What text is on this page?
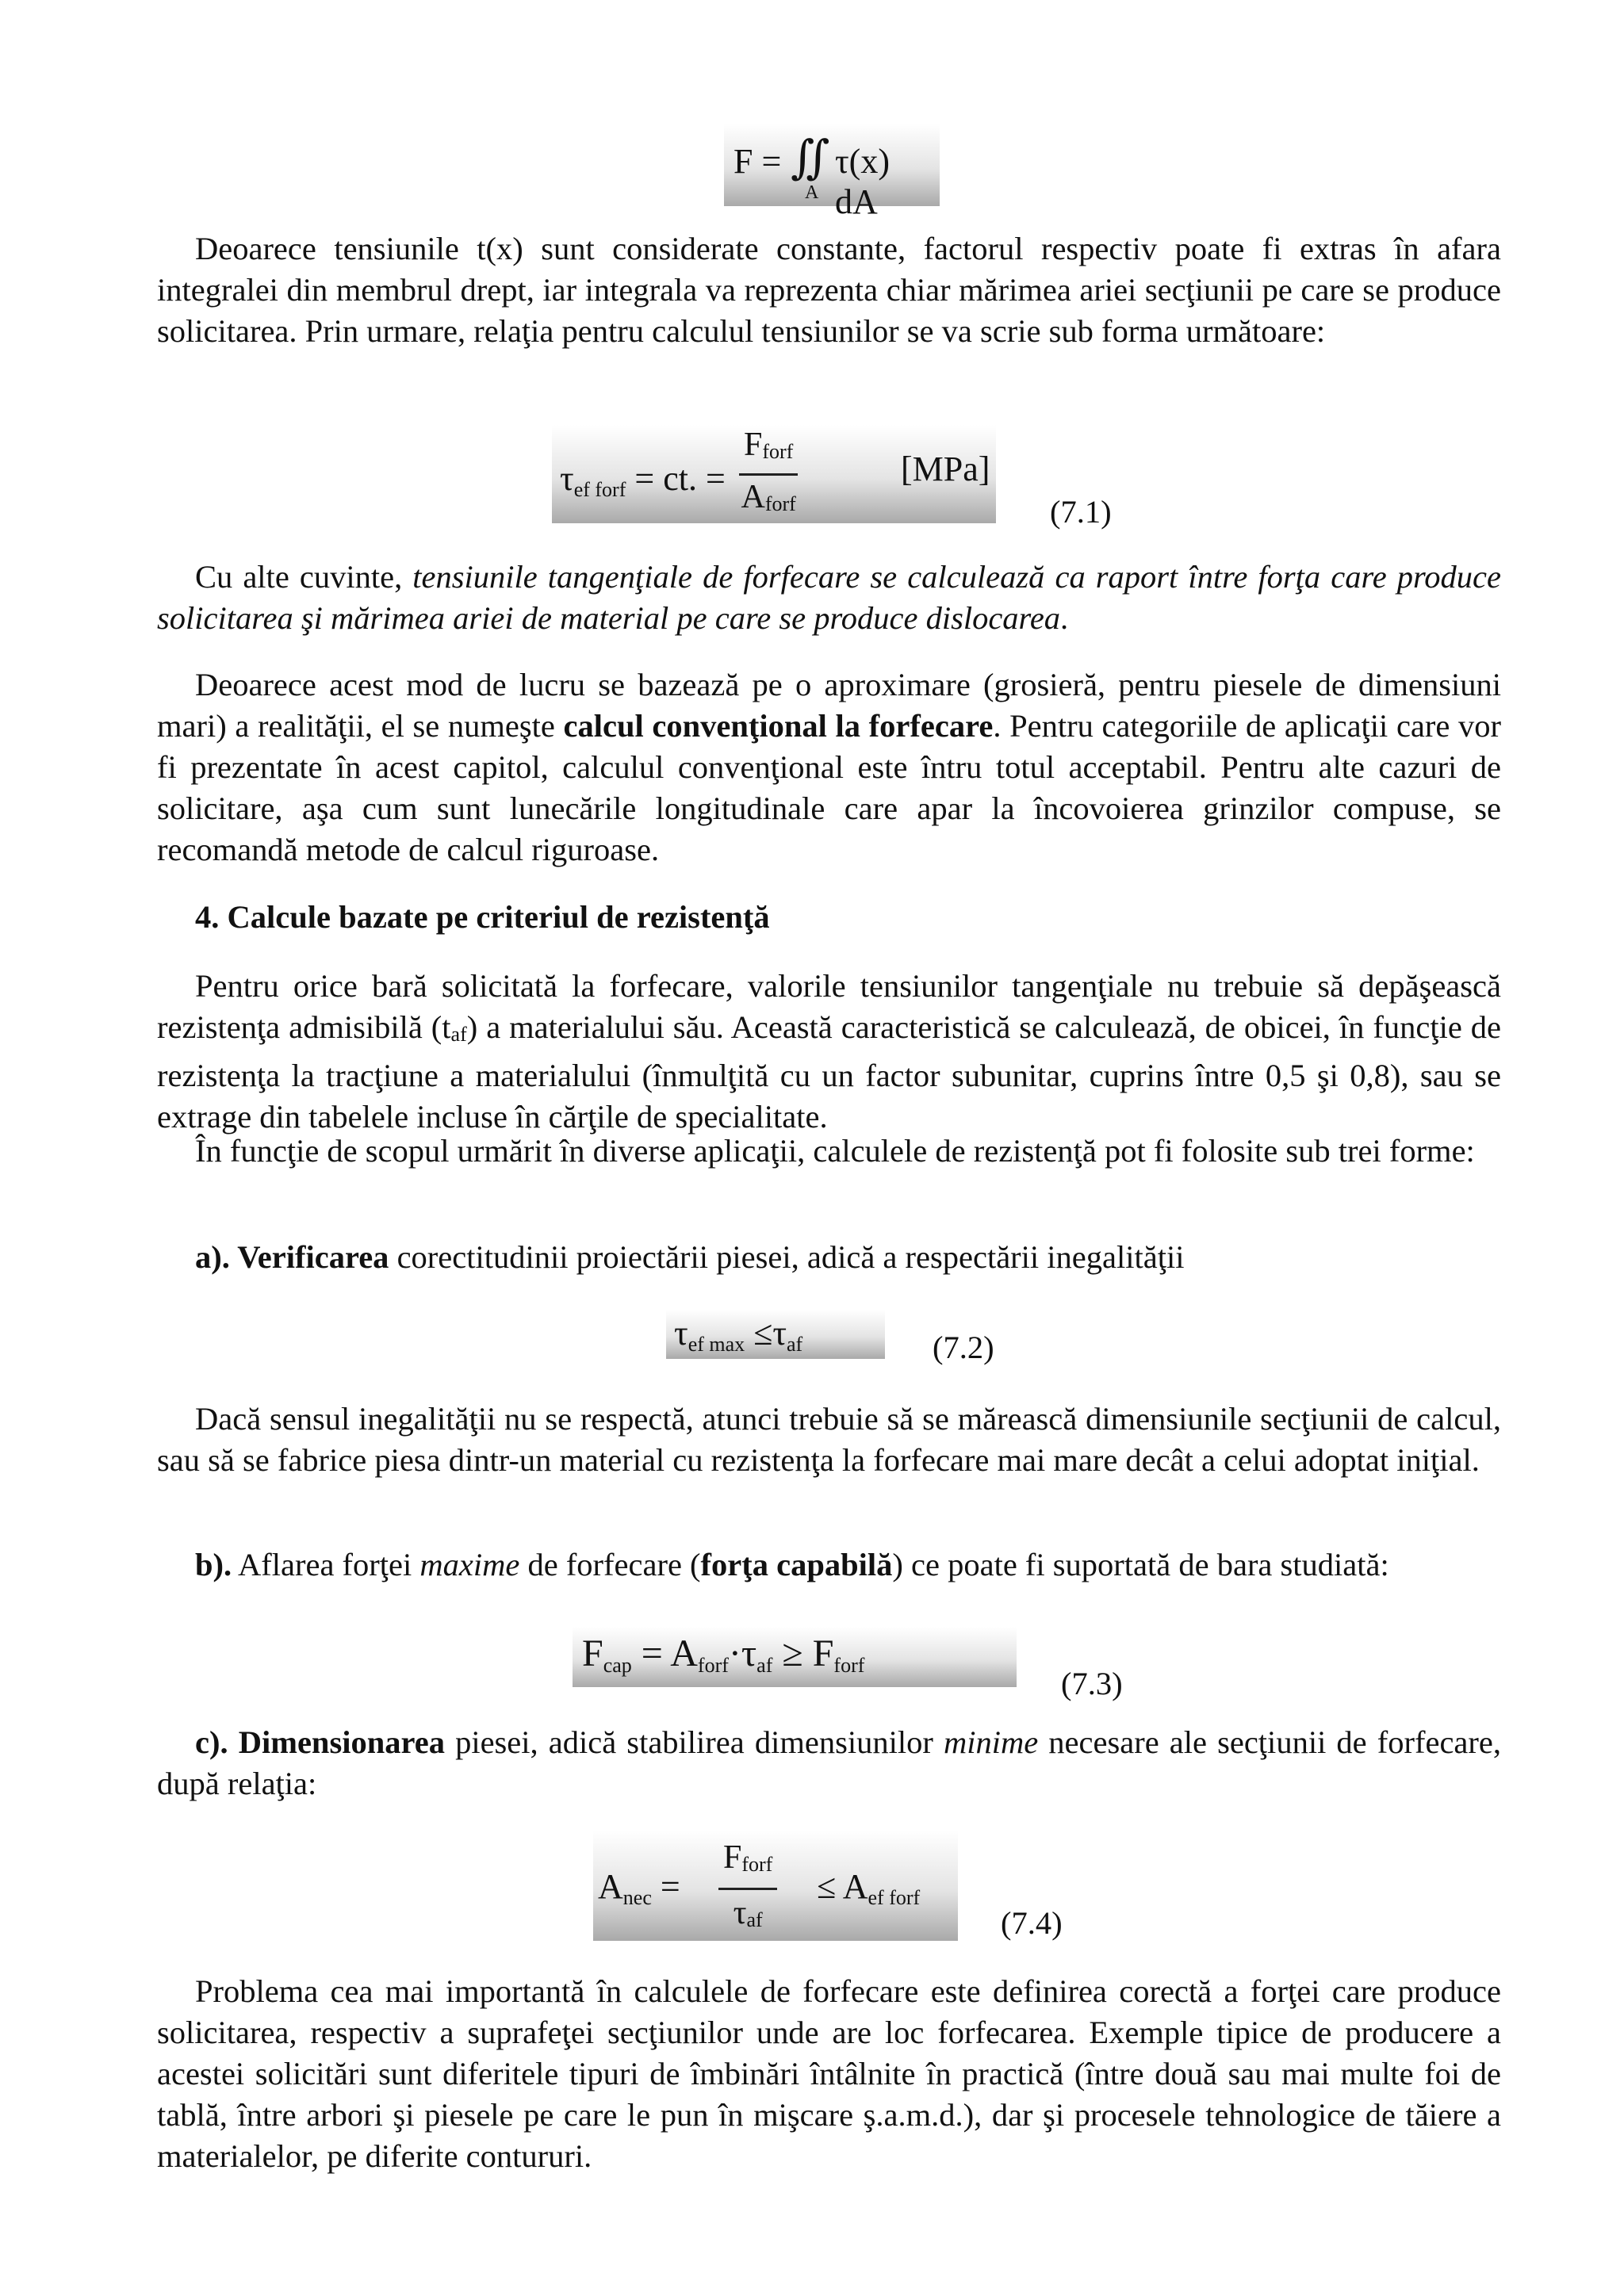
F = ∬
A
τ(x) dA

Deoarece tensiunile t(x) sunt considerate constante, factorul respectiv poate fi extras în afara integralei din membrul drept, iar integrala va reprezenta chiar mărimea ariei secţiunii pe care se produce solicitarea. Prin urmare, relaţia pentru calculul tensiunilor se va scrie sub forma următoare:

$\tau_{ef forf}$ = ct. =
Fforf
Aforf
[MPa]
(7.1)

Cu alte cuvinte, tensiunile tangenţiale de forfecare se calculează ca raport între forţa care produce solicitarea şi mărimea ariei de material pe care se produce dislocarea.

Deoarece acest mod de lucru se bazează pe o aproximare (grosieră, pentru piesele de dimensiuni mari) a realităţii, el se numeşte calcul convenţional la forfecare. Pentru categoriile de aplicaţii care vor fi prezentate în acest capitol, calculul convenţional este întru totul acceptabil. Pentru alte cazuri de solicitare, aşa cum sunt lunecările longitudinale care apar la încovoierea grinzilor compuse, se recomandă metode de calcul riguroase.

4. Calcule bazate pe criteriul de rezistenţă

Pentru orice bară solicitată la forfecare, valorile tensiunilor tangenţiale nu trebuie să depăşească rezistenţa admisibilă (taf) a materialului său. Această caracteristică se calculează, de obicei, în funcţie de rezistenţa la tracţiune a materialului (înmulţită cu un factor subunitar, cuprins între 0,5 şi 0,8), sau se extrage din tabelele incluse în cărţile de specialitate.

În funcţie de scopul urmărit în diverse aplicaţii, calculele de rezistenţă pot fi folosite sub trei forme:

a). Verificarea corectitudinii proiectării piesei, adică a respectării inegalităţii

$\tau_{ef max} \le\tau_{af}$	(7.2)

Dacă sensul inegalităţii nu se respectă, atunci trebuie să se mărească dimensiunile secţiunii de calcul, sau să se fabrice piesa dintr-un material cu rezistenţa la forfecare mai mare decât a celui adoptat iniţial.

b). Aflarea forţei maxime de forfecare (forţa capabilă) ce poate fi suportată de bara studiată:

$F_{cap} = A_{forf}\cdot\tau_{af} \ge F_{forf}$
(7.3)

c). Dimensionarea piesei, adică stabilirea dimensiunilor minime necesare ale secţiunii de forfecare, după relaţia:

$A_{nec}$ =
Fforf
τaf
≤ $A_{ef forf}$
(7.4)

Problema cea mai importantă în calculele de forfecare este definirea corectă a forţei care produce solicitarea, respectiv a suprafeţei secţiunilor unde are loc forfecarea. Exemple tipice de producere a acestei solicitări sunt diferitele tipuri de îmbinări întâlnite în practică (între două sau mai multe foi de tablă, între arbori şi piesele pe care le pun în mişcare ş.a.m.d.), dar şi procesele tehnologice de tăiere a materialelor, pe diferite contururi.
